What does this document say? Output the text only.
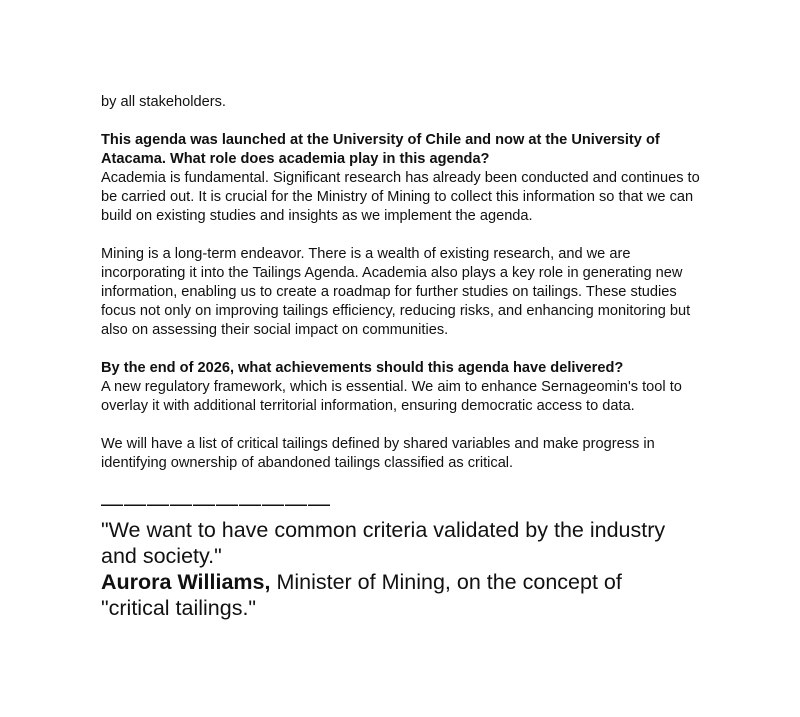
by all stakeholders.

This agenda was launched at the University of Chile and now at the University of Atacama. What role does academia play in this agenda?

Academia is fundamental. Significant research has already been conducted and continues to be carried out. It is crucial for the Ministry of Mining to collect this information so that we can build on existing studies and insights as we implement the agenda.

Mining is a long-term endeavor. There is a wealth of existing research, and we are incorporating it into the Tailings Agenda. Academia also plays a key role in generating new information, enabling us to create a roadmap for further studies on tailings. These studies focus not only on improving tailings efficiency, reducing risks, and enhancing monitoring but also on assessing their social impact on communities.

By the end of 2026, what achievements should this agenda have delivered?

A new regulatory framework, which is essential. We aim to enhance Sernageomin's tool to overlay it with additional territorial information, ensuring democratic access to data.

We will have a list of critical tailings defined by shared variables and make progress in identifying ownership of abandoned tailings classified as critical.

——————————

"We want to have common criteria validated by the industry and society."

Aurora Williams, Minister of Mining, on the concept of "critical tailings."
